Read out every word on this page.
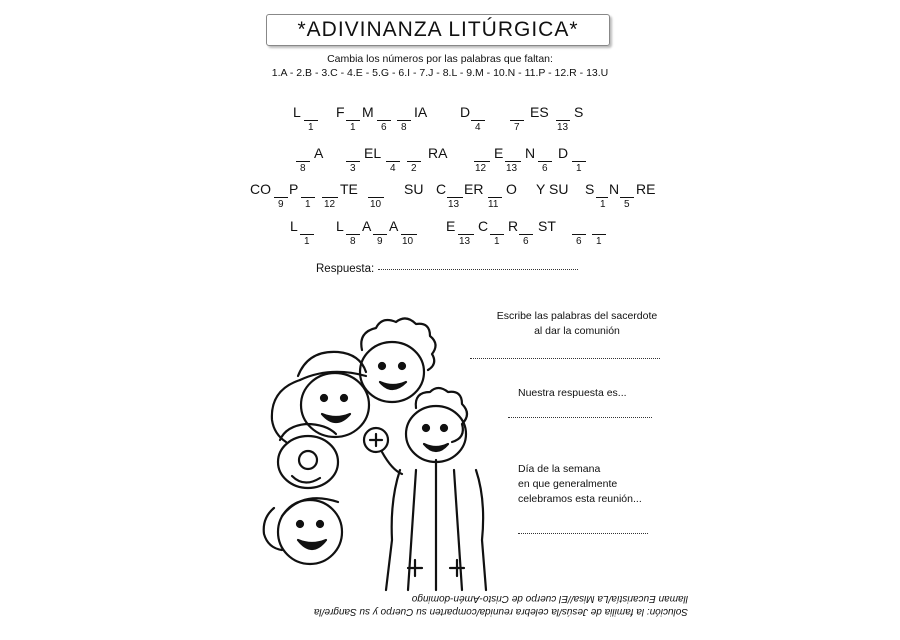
*ADIVINANZA LITÚRGICA*
Cambia los números por las palabras que faltan:
1.A - 2.B - 3.C - 4.E - 5.G - 6.I - 7.J - 8.L - 9.M - 10.N - 11.P - 12.R - 13.U
L
1
F
1
M
6 8
IA D
4	7
ES
13
S
8
A
3
EL
4 2
RA
12
E
13
N
6
D
1
CO
9
P
1 12
TE
10
SU C
13
ER
11
O Y SU S
1
N
5
RE
L
1
L
8
A
9
A
10
E
13
C
1
R
6
ST
6 1
Respuesta:
Escribe las palabras del sacerdote
al dar la comunión
Nuestra respuesta es...
Día de la semana
en que generalmente
celebramos esta reunión...
Solución: la familia de Jesús/la celebra reunida/comparten su Cuerpo y su Sangre/la
llaman Eucaristía/La Misa//El cuerpo de Cristo-Amén-domingo
